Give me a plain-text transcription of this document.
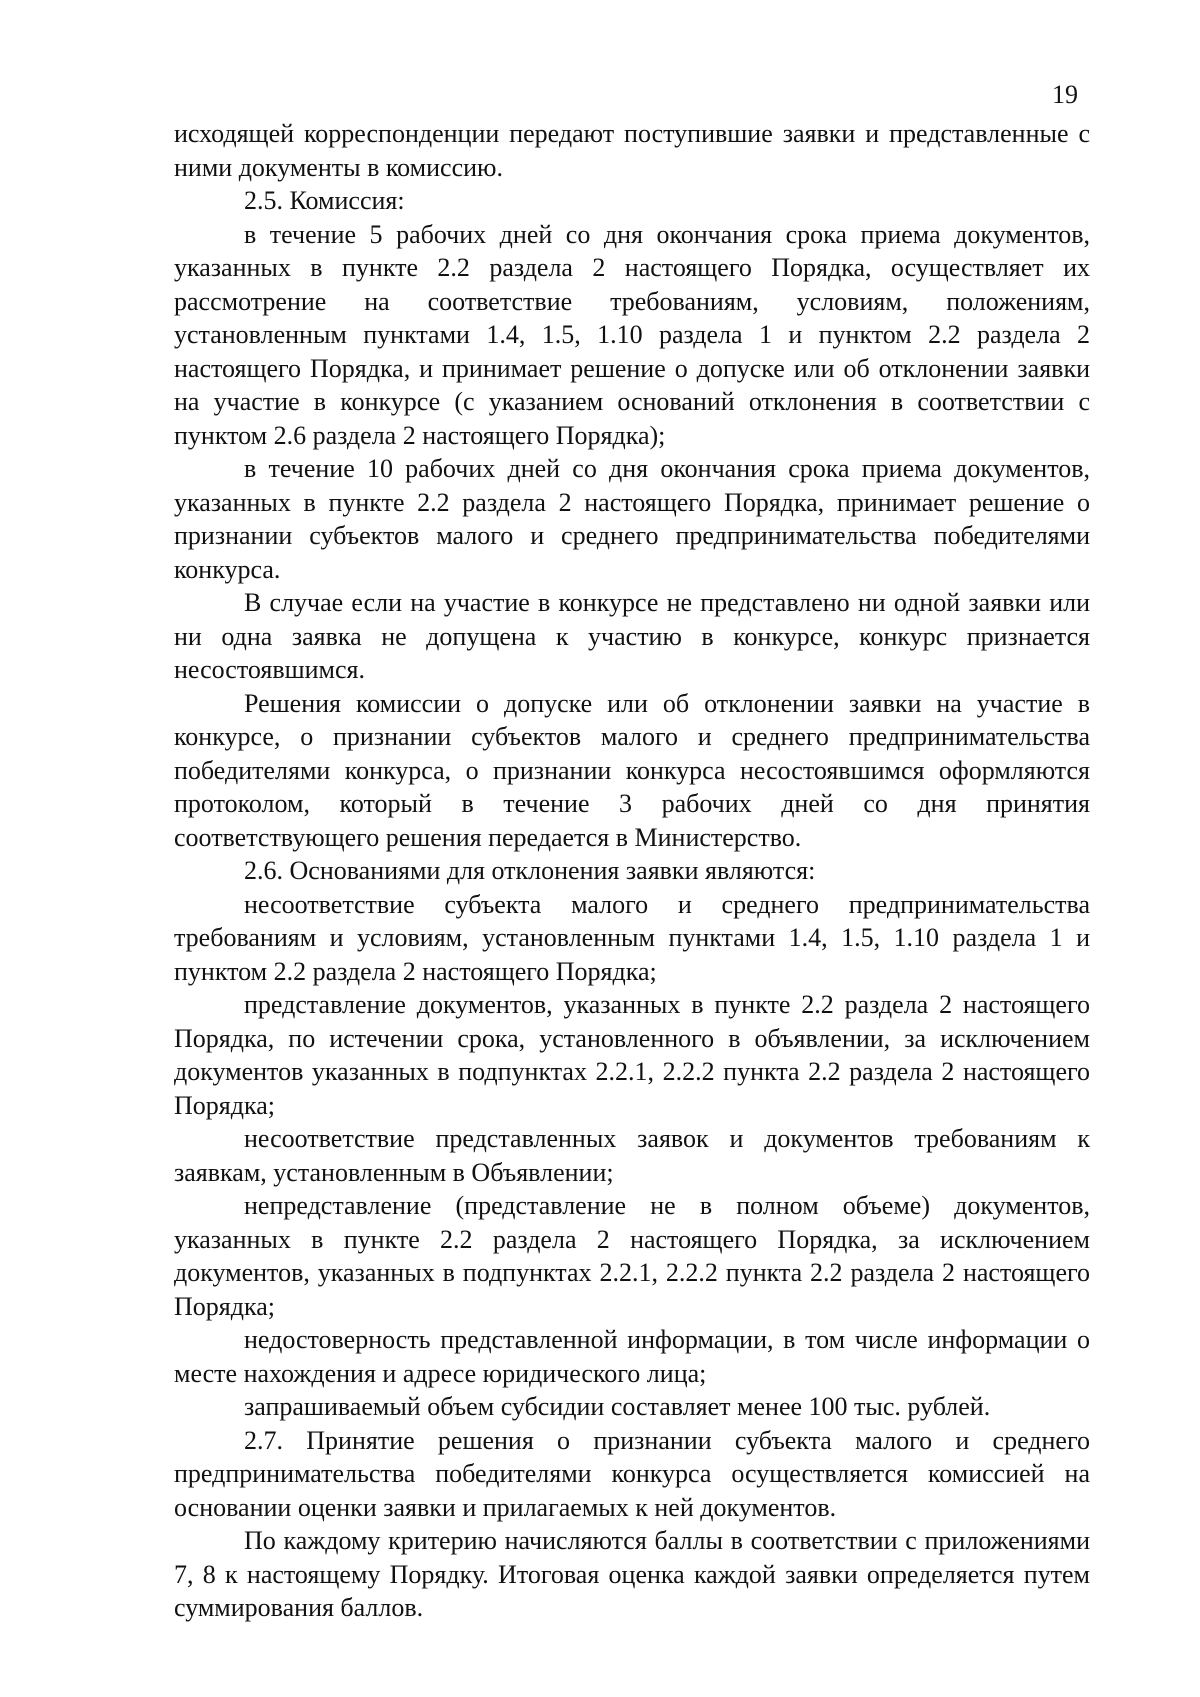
19

исходящей корреспонденции передают поступившие заявки и представленные с ними документы в комиссию.

2.5. Комиссия:

в течение 5 рабочих дней со дня окончания срока приема документов, указанных в пункте 2.2 раздела 2 настоящего Порядка, осуществляет их рассмотрение на соответствие требованиям, условиям, положениям, установленным пунктами 1.4, 1.5, 1.10 раздела 1 и пунктом 2.2 раздела 2 настоящего Порядка, и принимает решение о допуске или об отклонении заявки на участие в конкурсе (с указанием оснований отклонения в соответствии с пунктом 2.6 раздела 2 настоящего Порядка);

в течение 10 рабочих дней со дня окончания срока приема документов, указанных в пункте 2.2 раздела 2 настоящего Порядка, принимает решение о признании субъектов малого и среднего предпринимательства победителями конкурса.

В случае если на участие в конкурсе не представлено ни одной заявки или ни одна заявка не допущена к участию в конкурсе, конкурс признается несостоявшимся.

Решения комиссии о допуске или об отклонении заявки на участие в конкурсе, о признании субъектов малого и среднего предпринимательства победителями конкурса, о признании конкурса несостоявшимся оформляются протоколом, который в течение 3 рабочих дней со дня принятия соответствующего решения передается в Министерство.

2.6. Основаниями для отклонения заявки являются:

несоответствие субъекта малого и среднего предпринимательства требованиям и условиям, установленным пунктами 1.4, 1.5, 1.10 раздела 1 и пунктом 2.2 раздела 2 настоящего Порядка;

представление документов, указанных в пункте 2.2 раздела 2 настоящего Порядка, по истечении срока, установленного в объявлении, за исключением документов указанных в подпунктах 2.2.1, 2.2.2 пункта 2.2 раздела 2 настоящего Порядка;

несоответствие представленных заявок и документов требованиям к заявкам, установленным в Объявлении;

непредставление (представление не в полном объеме) документов, указанных в пункте 2.2 раздела 2 настоящего Порядка, за исключением документов, указанных в подпунктах 2.2.1, 2.2.2 пункта 2.2 раздела 2 настоящего Порядка;

недостоверность представленной информации, в том числе информации о месте нахождения и адресе юридического лица;

запрашиваемый объем субсидии составляет менее 100 тыс. рублей.

2.7. Принятие решения о признании субъекта малого и среднего предпринимательства победителями конкурса осуществляется комиссией на основании оценки заявки и прилагаемых к ней документов.

По каждому критерию начисляются баллы в соответствии с приложениями 7, 8 к настоящему Порядку. Итоговая оценка каждой заявки определяется путем суммирования баллов.
